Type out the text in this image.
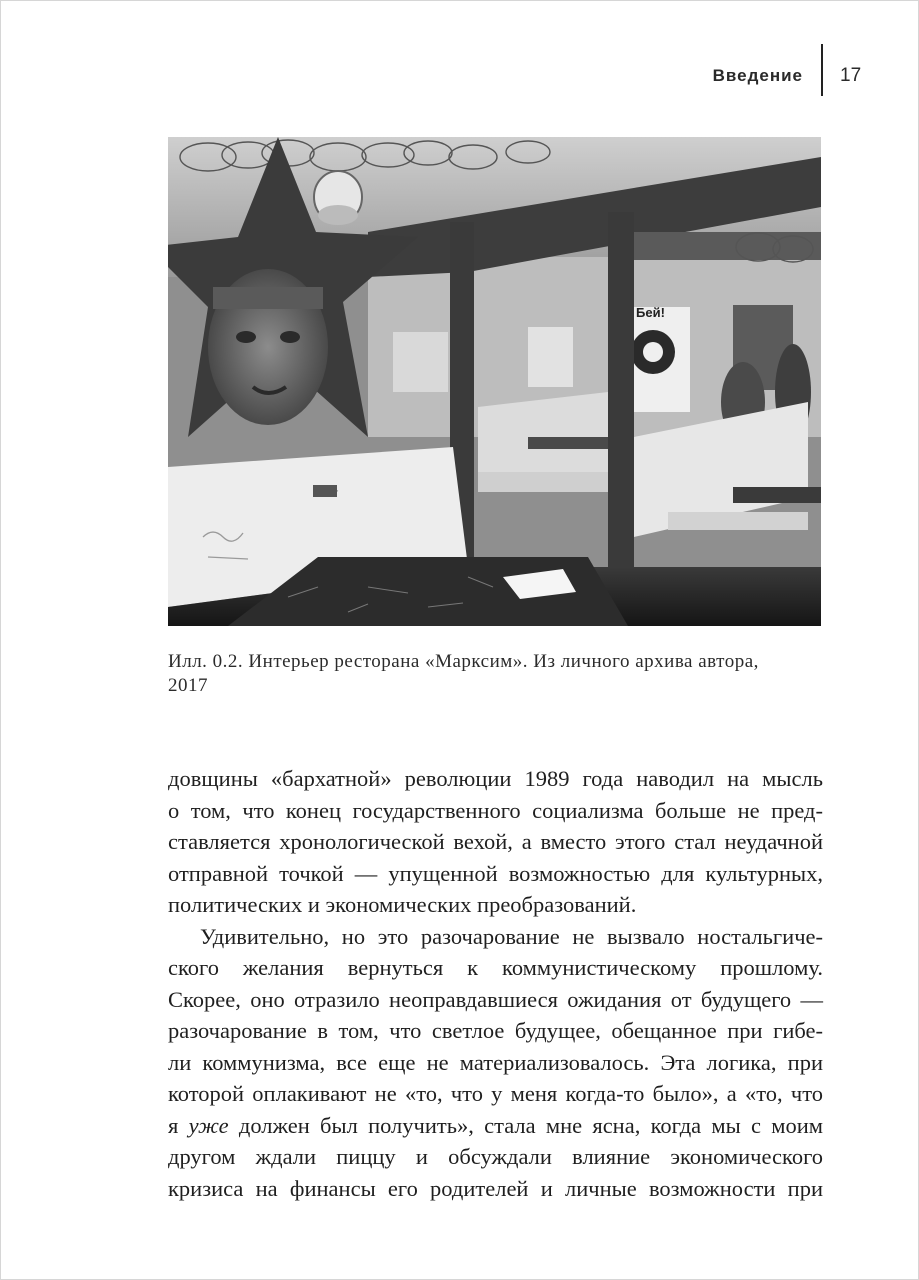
Введение 17
Бей!
Илл. 0.2. Интерьер ресторана «Марксим». Из личного архива автора,
2017
довщины «бархатной» революции 1989 года наводил на мысль
о том, что конец государственного социализма больше не пред-
ставляется хронологической вехой, а вместо этого стал неудачной
отправной точкой — упущенной возможностью для культурных,
политических и экономических преобразований.
Удивительно, но это разочарование не вызвало ностальгиче-
ского желания вернуться к коммунистическому прошлому.
Скорее, оно отразило неоправдавшиеся ожидания от будущего —
разочарование в том, что светлое будущее, обещанное при гибе-
ли коммунизма, все еще не материализовалось. Эта логика, при
которой оплакивают не «то, что у меня когда-то было», а «то, что
я уже должен был получить», стала мне ясна, когда мы с моим
другом ждали пиццу и обсуждали влияние экономического
кризиса на финансы его родителей и личные возможности при
